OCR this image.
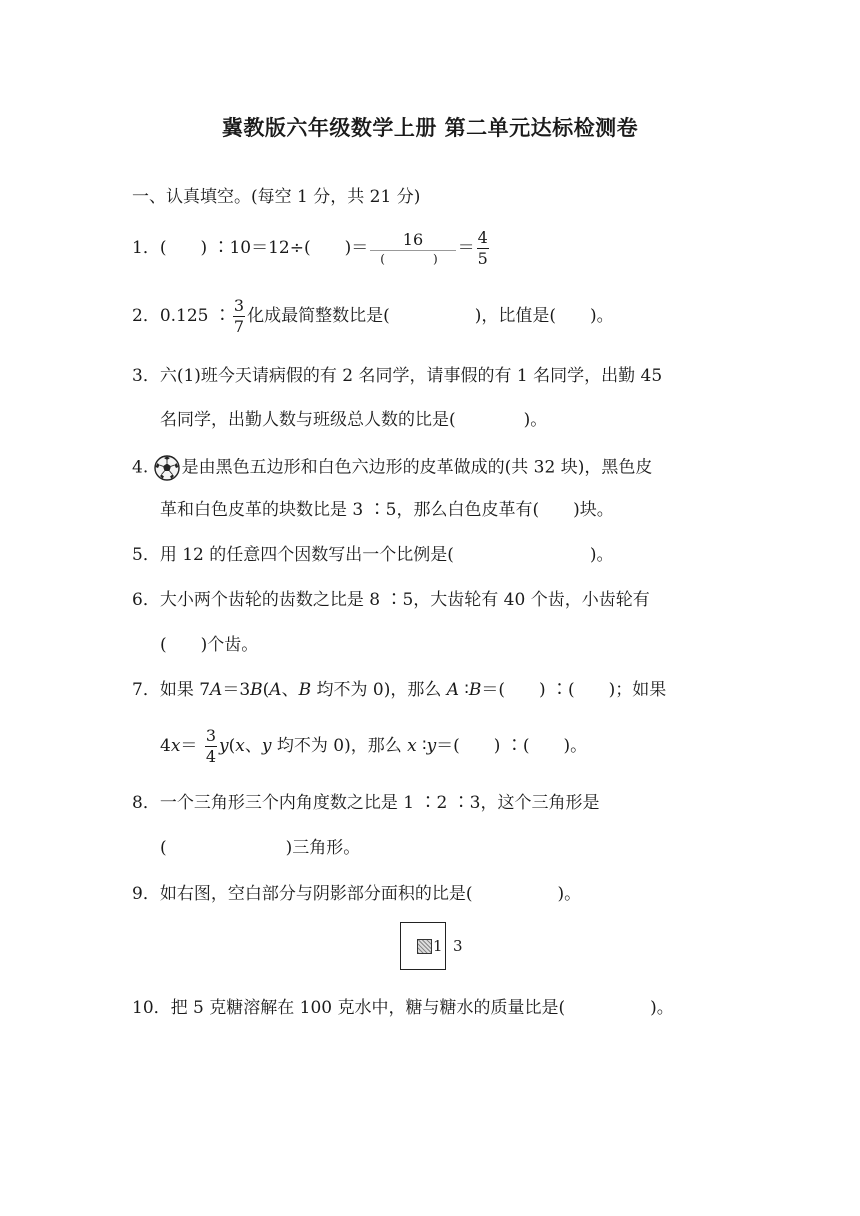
冀教版六年级数学上册 第二单元达标检测卷
一、认真填空。(每空 1 分，共 21 分)
1．(　　) ∶10＝12÷(　　)＝ $\frac{16}{( )} = \frac{4}{5}$
2．0.125 ∶ $\frac{3}{7}$ 化成最简整数比是(　　　　　)，比值是(　　)。
3．六(1)班今天请病假的有 2 名同学，请事假的有 1 名同学，出勤 45
名同学，出勤人数与班级总人数的比是(　　　　)。
4. 是由黑色五边形和白色六边形的皮革做成的(共 32 块)，黑色皮
革和白色皮革的块数比是 3 ∶5，那么白色皮革有(　　)块。
5．用 12 的任意四个因数写出一个比例是(　　　　　　　　)。
6．大小两个齿轮的齿数之比是 8 ∶5，大齿轮有 40 个齿，小齿轮有
(　　)个齿。
7．如果 7A＝3B(A、B 均不为 0)，那么 A ∶B＝(　　) ∶(　　)；如果
$4x= \frac{3}{4} y(x$、y 均不为 0)，那么 x ∶y＝(　　) ∶(　　)。
8．一个三角形三个内角度数之比是 1 ∶2 ∶3，这个三角形是
(　　　　　　　)三角形。
9．如右图，空白部分与阴影部分面积的比是(　　　　　)。
1 3
10．把 5 克糖溶解在 100 克水中，糖与糖水的质量比是(　　　　　)。
